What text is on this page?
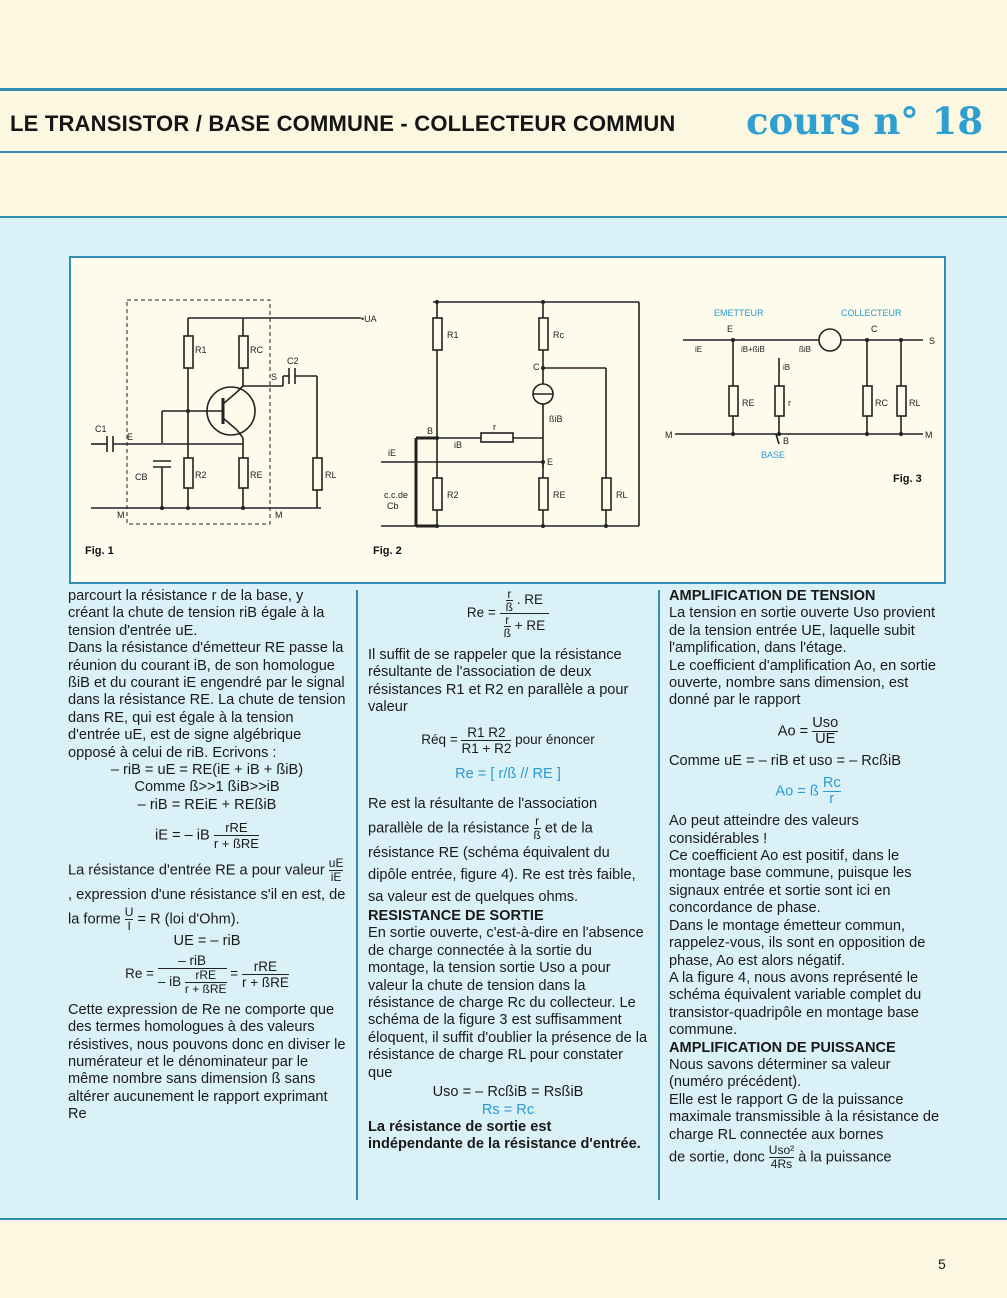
LE TRANSISTOR / BASE COMMUNE - COLLECTEUR COMMUN cours n° 18
•UA
R1	RC
C2
S
C1
E
CB	R2	RE	RL
M	M
R1	Rc
C
ßiB
B	r
iB
iE
E
c.c.de
Cb
R2	RE	RL
EMETTEUR	COLLECTEUR
E	C
S
iE	iB+ßiB	ßiB
iB
RE	r	RC RL
M	M
B
BASE
Fig. 1	Fig. 2
Fig. 3

parcourt la résistance r de la base, y créant la chute de tension riB égale à la tension d'entrée uE.

Dans la résistance d'émetteur RE passe la réunion du courant iB, de son homologue ßiB et du courant iE engendré par le signal dans la résistance RE. La chute de tension dans RE, qui est égale à la tension d'entrée uE, est de signe algébrique opposé à celui de riB. Ecrivons :

– riB = uE = RE(iE + iB + ßiB)

Comme ß>>1 ßiB>>iB

– riB = REiE + REßiB

iE = – iB	rRE
r + ßRE

La résistance d'entrée RE a pour valeur $\frac{uE}{iE}$
, expression d'une résistance s'il en est, de la forme $\frac{U}{I} = R$ (loi d'Ohm).

UE = – riB

Re =
– riB
– iB	rRE
r + ßRE
=	rRE
r + ßRE

Cette expression de Re ne comporte que des termes homologues à des valeurs résistives, nous pouvons donc en diviser le numérateur et le dénominateur par le même nombre sans dimension ß sans altérer aucunement le rapport exprimant Re

$Re = \frac{\frac{r}{ß} . RE}{\frac{r}{ß} + RE}$

Il suffit de se rappeler que la résistance résultante de l'association de deux résistances R1 et R2 en parallèle a pour valeur

Réq = $\frac{R1 R2}{R1 + R2}$ pour énoncer

Re = [ r/ß // RE ]

Re est la résultante de l'association parallèle de la résistance $\frac{r}{ß}$ et de la résistance RE (schéma équivalent du dipôle entrée, figure 4). Re est très faible, sa valeur est de quelques ohms.

RESISTANCE DE SORTIE

En sortie ouverte, c'est-à-dire en l'absence de charge connectée à la sortie du montage, la tension sortie Uso a pour valeur la chute de tension dans la résistance de charge Rc du collecteur. Le schéma de la figure 3 est suffisamment éloquent, il suffit d'oublier la présence de la résistance de charge RL pour constater que

Uso = – RcßiB = RsßiB

Rs = Rc

La résistance de sortie est indépendante de la résistance d'entrée.

AMPLIFICATION DE TENSION

La tension en sortie ouverte Uso provient de la tension entrée UE, laquelle subit l'amplification, dans l'étage.

Le coefficient d'amplification Ao, en sortie ouverte, nombre sans dimension, est donné par le rapport

Ao =
Uso
UE

Comme uE = – riB et uso = – RcßiB

Ao = ß $\frac{Rc}{r}$

Ao peut atteindre des valeurs considérables !

Ce coefficient Ao est positif, dans le montage base commune, puisque les signaux entrée et sortie sont ici en concordance de phase.

Dans le montage émetteur commun, rappelez-vous, ils sont en opposition de phase, Ao est alors négatif.

A la figure 4, nous avons représenté le schéma équivalent variable complet du transistor-quadripôle en montage base commune.

AMPLIFICATION DE PUISSANCE

Nous savons déterminer sa valeur (numéro précédent).

Elle est le rapport G de la puissance maximale transmissible à la résistance de charge RL connectée aux bornes

de sortie, donc Uso²
4Rs à la puissance

5
